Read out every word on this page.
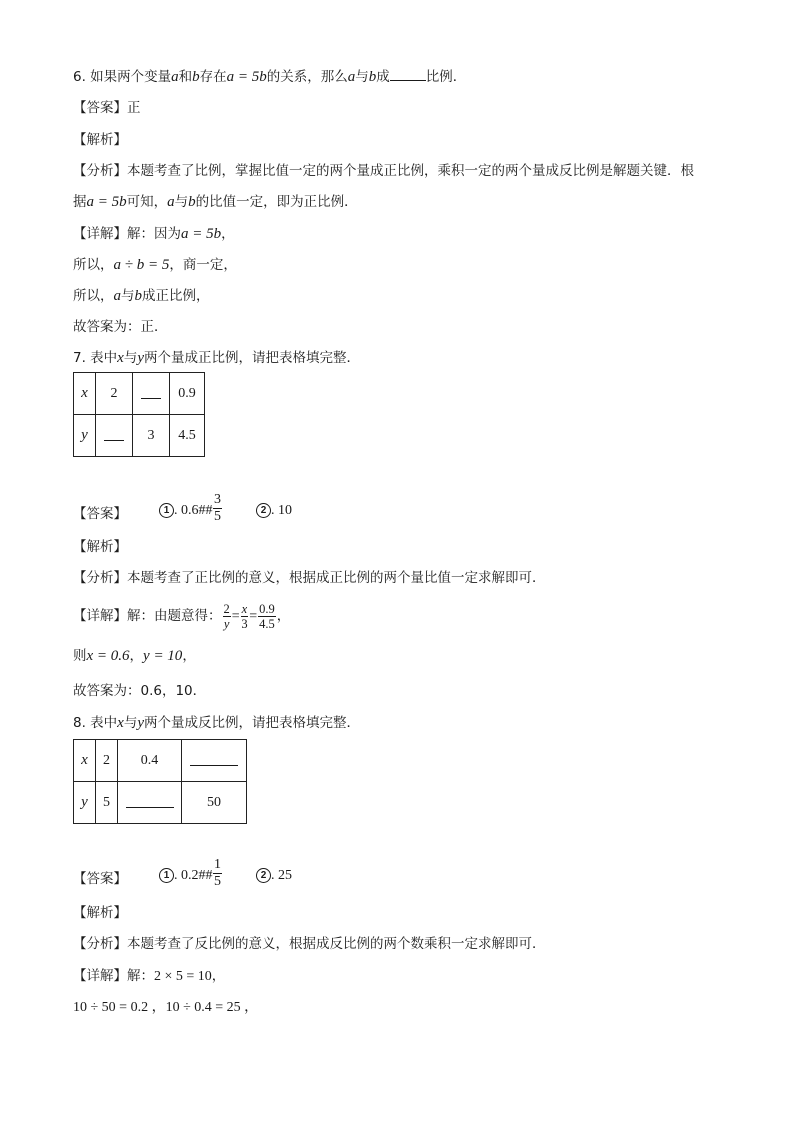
6. 如果两个变量a和b存在a = 5b的关系，那么a与b成	比例．
【答案】正
【解析】
【分析】本题考查了比例，掌握比值一定的两个量成正比例，乘积一定的两个量成反比例是解题关键．根
据a = 5b可知，a与b的比值一定，即为正比例．
【详解】解：因为a = 5b，
所以，a ÷ b = 5，商一定，
所以，a与b成正比例，
故答案为：正．
7. 表中x与y两个量成正比例，请把表格填完整．
x	2		0.9
y		3	4.5
【答案】	1 . 0.6## $\frac{3}{5}$	2 . 10
【解析】
【分析】本题考查了正比例的意义，根据成正比例的两个量比值一定求解即可．
【详解】解：由题意得： $\frac{2}{y} = \frac{x}{3} = \frac{0.9}{4.5}$ ，
则x = 0.6，y = 10，
故答案为：0.6，10．
8. 表中x与y两个量成反比例，请把表格填完整．
x	2	0.4	
y	5		50
【答案】	1 . 0.2## $\frac{1}{5}$	2 . 25
【解析】
【分析】本题考查了反比例的意义，根据成反比例的两个数乘积一定求解即可．
【详解】解：2 × 5 = 10，
10 ÷ 50 = 0.2 ，10 ÷ 0.4 = 25 ，
